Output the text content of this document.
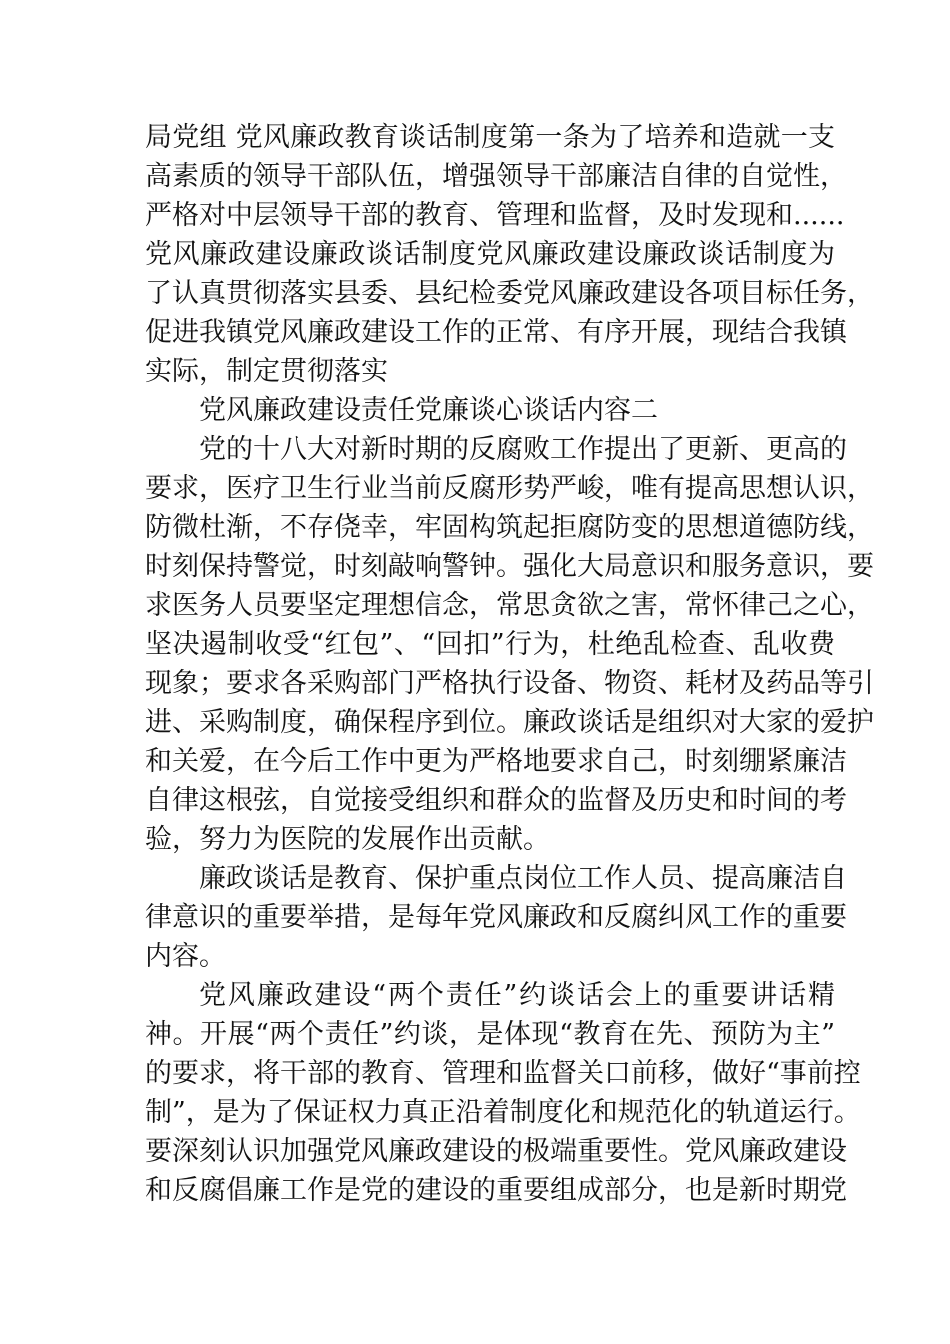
局党组 党风廉政教育谈话制度第一条为了培养和造就一支
高素质的领导干部队伍，增强领导干部廉洁自律的自觉性，
严格对中层领导干部的教育、管理和监督，及时发现和......
党风廉政建设廉政谈话制度党风廉政建设廉政谈话制度为
了认真贯彻落实县委、县纪检委党风廉政建设各项目标任务，
促进我镇党风廉政建设工作的正常、有序开展，现结合我镇
实际，制定贯彻落实

党风廉政建设责任党廉谈心谈话内容二

党的十八大对新时期的反腐败工作提出了更新、更高的
要求，医疗卫生行业当前反腐形势严峻，唯有提高思想认识，
防微杜渐，不存侥幸，牢固构筑起拒腐防变的思想道德防线，
时刻保持警觉，时刻敲响警钟。强化大局意识和服务意识，要
求医务人员要坚定理想信念，常思贪欲之害，常怀律己之心，
坚决遏制收受“红包”、“回扣”行为，杜绝乱检查、乱收费
现象；要求各采购部门严格执行设备、物资、耗材及药品等引
进、采购制度，确保程序到位。廉政谈话是组织对大家的爱护
和关爱，在今后工作中更为严格地要求自己，时刻绷紧廉洁
自律这根弦，自觉接受组织和群众的监督及历史和时间的考
验，努力为医院的发展作出贡献。

廉政谈话是教育、保护重点岗位工作人员、提高廉洁自
律意识的重要举措，是每年党风廉政和反腐纠风工作的重要
内容。

党风廉政建设“两个责任”约谈话会上的重要讲话精
神。开展“两个责任”约谈，是体现“教育在先、预防为主”
的要求，将干部的教育、管理和监督关口前移，做好“事前控
制”，是为了保证权力真正沿着制度化和规范化的轨道运行。
要深刻认识加强党风廉政建设的极端重要性。党风廉政建设
和反腐倡廉工作是党的建设的重要组成部分，也是新时期党
